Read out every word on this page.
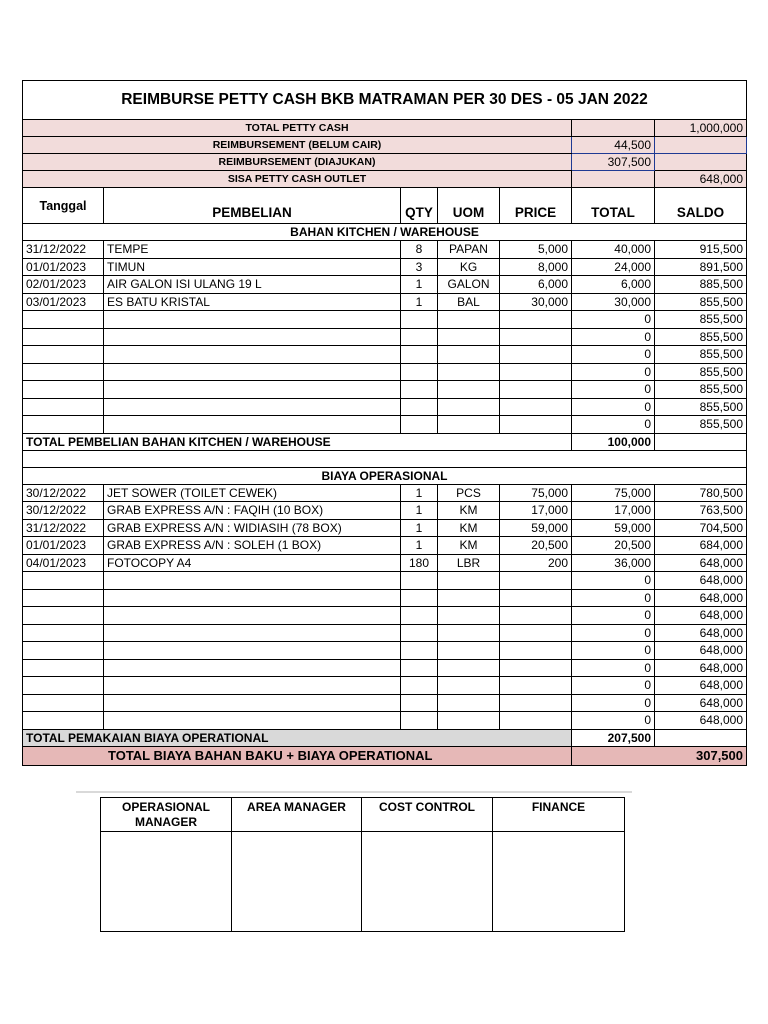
REIMBURSE PETTY CASH BKB MATRAMAN PER 30 DES - 05 JAN 2022						
TOTAL PETTY CASH						1,000,000
REIMBURSEMENT (BELUM CAIR)					44,500	
REIMBURSEMENT (DIAJUKAN)					307,500	
SISA PETTY CASH OUTLET						648,000
Tanggal	PEMBELIAN	QTY	UOM	PRICE	TOTAL	SALDO
BAHAN KITCHEN / WAREHOUSE						
31/12/2022	TEMPE	8	PAPAN	5,000	40,000	915,500
01/01/2023	TIMUN	3	KG	8,000	24,000	891,500
02/01/2023	AIR GALON ISI ULANG 19 L	1	GALON	6,000	6,000	885,500
03/01/2023	ES BATU KRISTAL	1	BAL	30,000	30,000	855,500
					0	855,500
					0	855,500
					0	855,500
					0	855,500
					0	855,500
					0	855,500
					0	855,500
TOTAL PEMBELIAN BAHAN KITCHEN / WAREHOUSE					100,000	

BIAYA OPERASIONAL						
30/12/2022	JET SOWER (TOILET CEWEK)	1	PCS	75,000	75,000	780,500
30/12/2022	GRAB EXPRESS A/N : FAQIH (10 BOX)	1	KM	17,000	17,000	763,500
31/12/2022	GRAB EXPRESS A/N : WIDIASIH (78 BOX)	1	KM	59,000	59,000	704,500
01/01/2023	GRAB EXPRESS A/N : SOLEH (1 BOX)	1	KM	20,500	20,500	684,000
04/01/2023	FOTOCOPY A4	180	LBR	200	36,000	648,000
					0	648,000
					0	648,000
					0	648,000
					0	648,000
					0	648,000
					0	648,000
					0	648,000
					0	648,000
					0	648,000
TOTAL PEMAKAIAN BIAYA OPERATIONAL					207,500	
TOTAL BIAYA BAHAN BAKU + BIAYA OPERATIONAL						307,500
OPERASIONAL MANAGER	AREA MANAGER	COST CONTROL	FINANCE
